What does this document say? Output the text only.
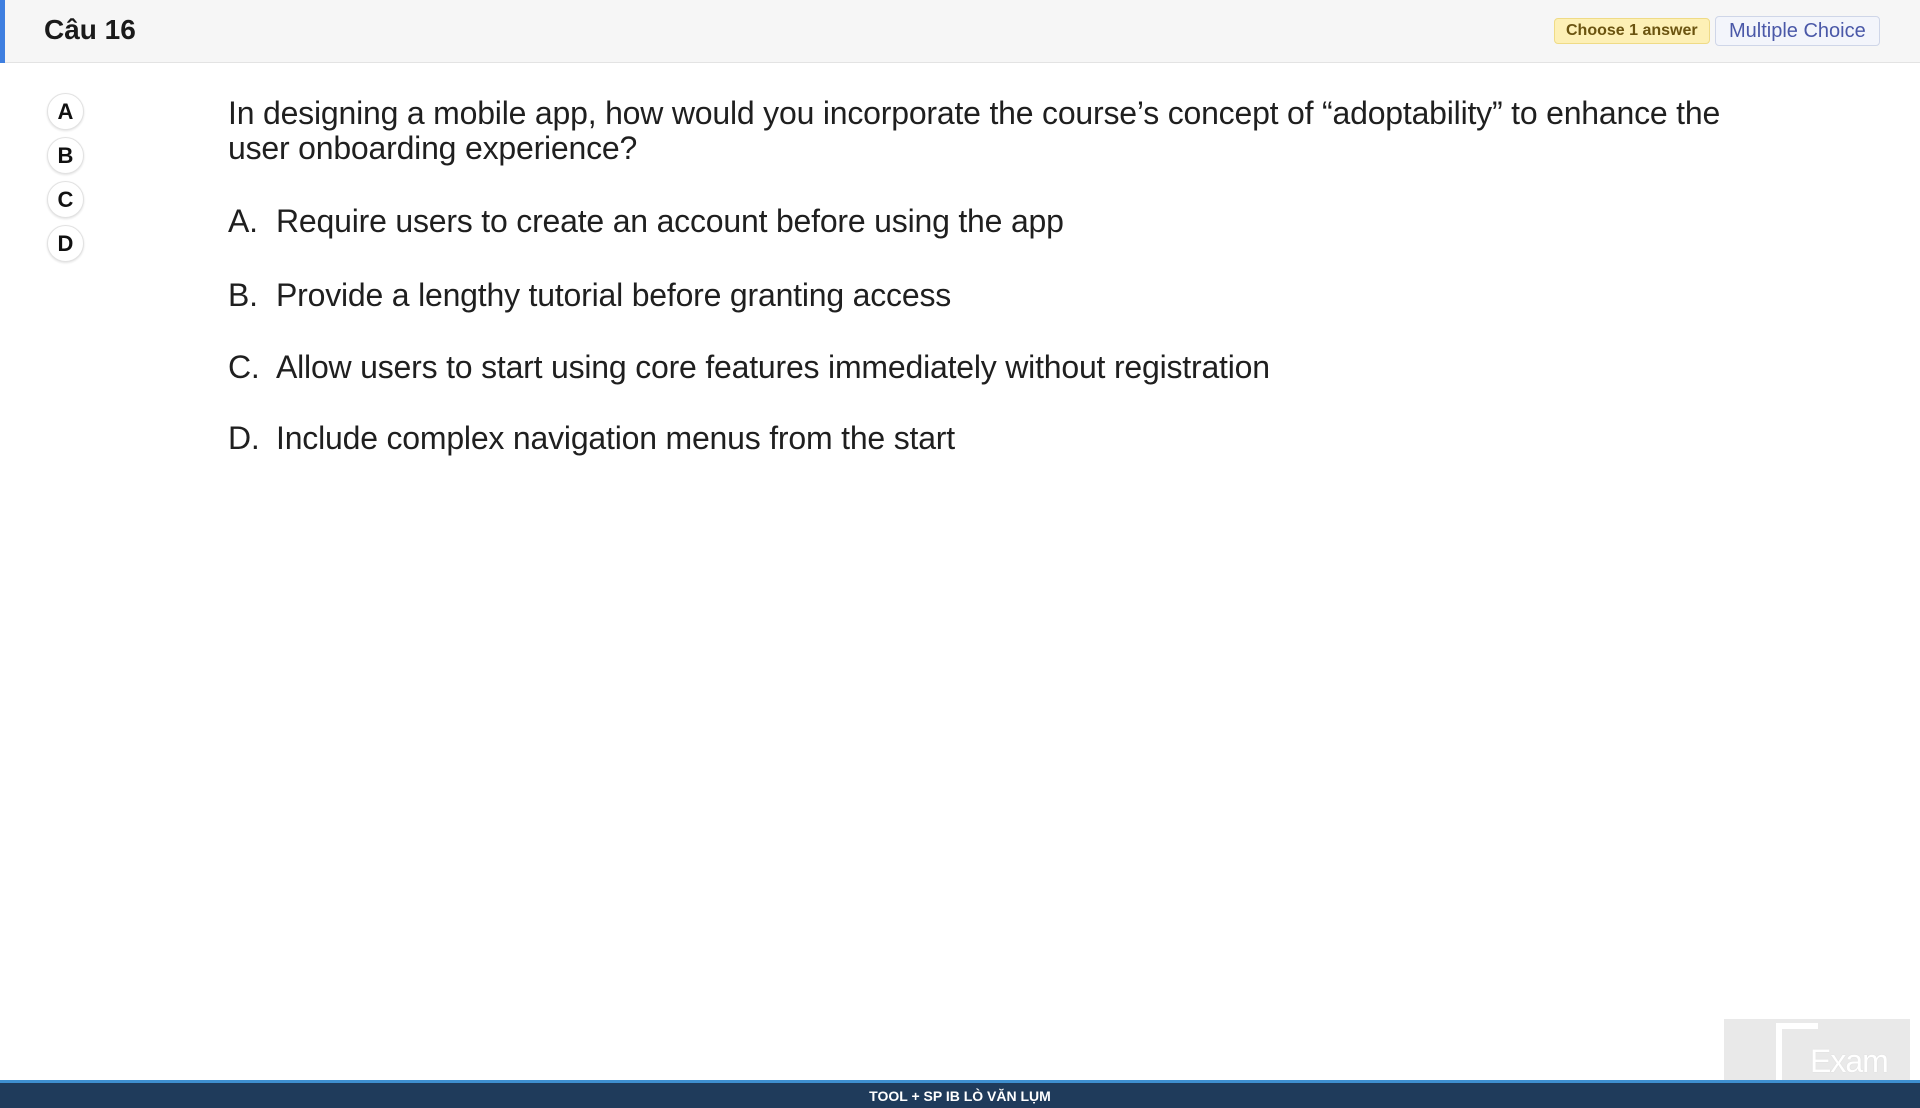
Câu 16	Choose 1 answer	Multiple Choice
A
B
C
D
In designing a mobile app, how would you incorporate the course’s concept of “adoptability” to enhance the user onboarding experience?
A. Require users to create an account before using the app
B. Provide a lengthy tutorial before granting access
C. Allow users to start using core features immediately without registration
D. Include complex navigation menus from the start
Exam
TOOL + SP IB LÒ VĂN LỤM
